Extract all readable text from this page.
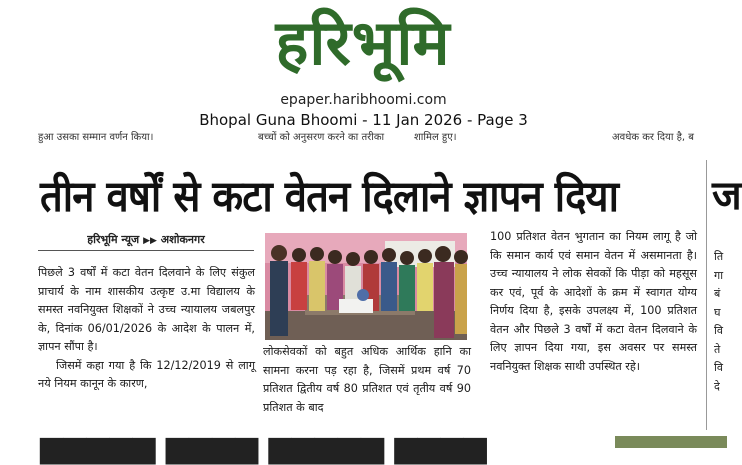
हरिभूमि
epaper.haribhoomi.com
Bhopal Guna Bhoomi - 11 Jan 2026 - Page 3
हुआ उसका सम्मान वर्णन किया।	बच्चों को अनुसरण करने का तरीका	शामिल हुए।	अवधेक कर दिया है, ब
तीन वर्षों से कटा वेतन दिलाने ज्ञापन दिया	ज
हरिभूमि न्यूज ▶▶ अशोकनगर

पिछले 3 वर्षों में कटा वेतन दिलवाने के लिए संकुल प्राचार्य के नाम शासकीय उत्कृष्ट उ.मा विद्यालय के समस्त नवनियुक्त शिक्षकों ने उच्च न्यायालय जबलपुर के, दिनांक 06/01/2026 के आदेश के पालन में, ज्ञापन सौंपा है।

जिसमें कहा गया है कि 12/12/2019 से लागू नये नियम कानून के कारण,

लोकसेवकों को बहुत अधिक आर्थिक हानि का सामना करना पड़ रहा है, जिसमें प्रथम वर्ष 70 प्रतिशत द्वितीय वर्ष 80 प्रतिशत एवं तृतीय वर्ष 90 प्रतिशत के बाद
100 प्रतिशत वेतन भुगतान का नियम लागू है जो कि समान कार्य एवं समान वेतन में असमानता है। उच्च न्यायालय ने लोक सेवकों कि पीड़ा को महसूस कर एवं, पूर्व के आदेशों के क्रम में स्वागत योग्य निर्णय दिया है, इसके उपलक्ष्य में, 100 प्रतिशत वेतन और पिछले 3 वर्षों में कटा वेतन दिलवाने के लिए ज्ञापन दिया गया, इस अवसर पर समस्त नवनियुक्त शिक्षक साथी उपस्थित रहे।
ति गा बं घ वि ते वि दे
▆▆▆▆▆ ▆▆▆▆ ▆▆▆▆▆ ▆▆▆▆
